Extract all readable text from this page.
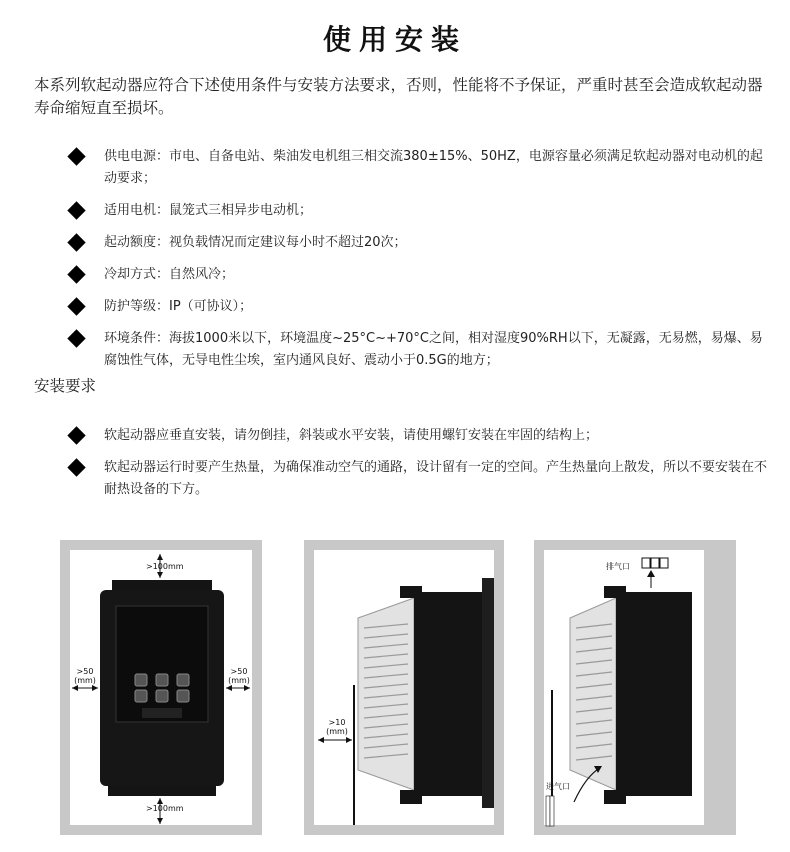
使用安装
本系列软起动器应符合下述使用条件与安装方法要求，否则，性能将不予保证，严重时甚至会造成软起动器寿命缩短直至损坏。
供电电源：市电、自备电站、柴油发电机组三相交流380±15%、50HZ，电源容量必须满足软起动器对电动机的起动要求；
适用电机：鼠笼式三相异步电动机；
起动额度：视负载情况而定建议每小时不超过20次；
冷却方式：自然风冷；
防护等级：IP（可协议）；
环境条件：海拔1000米以下，环境温度~25°C~+70°C之间，相对湿度90%RH以下，无凝露，无易燃，易爆、易腐蚀性气体，无导电性尘埃，室内通风良好、震动小于0.5G的地方；
安装要求
软起动器应垂直安装，请勿倒挂，斜装或水平安装，请使用螺钉安装在牢固的结构上；
软起动器运行时要产生热量，为确保准动空气的通路，设计留有一定的空间。产生热量向上散发，所以不要安装在不耐热设备的下方。
>100mm
>100mm
>50
(mm)
>50
(mm)
>10
(mm)
排气口
进气口
